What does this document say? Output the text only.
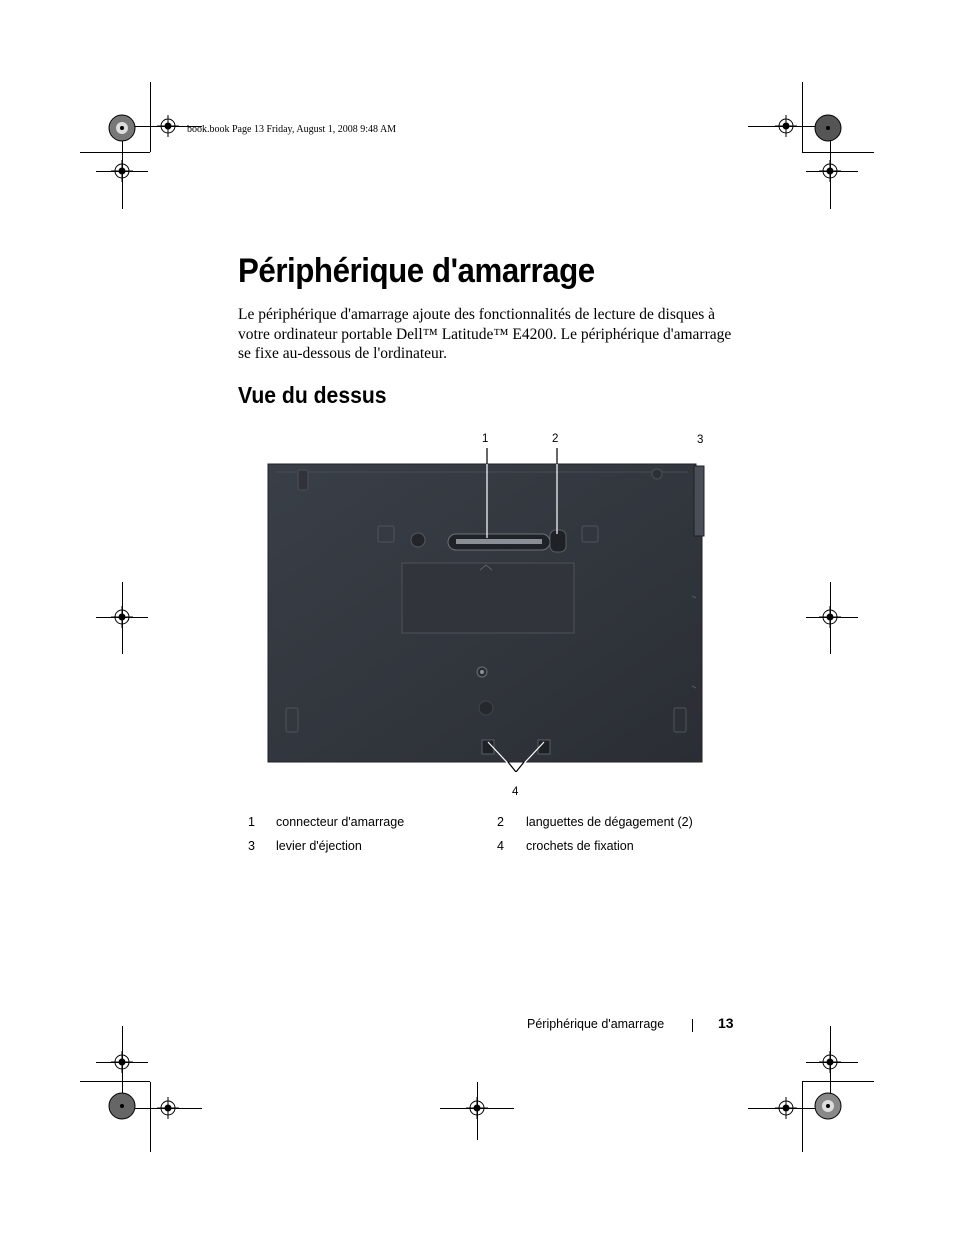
book.book Page 13 Friday, August 1, 2008 9:48 AM
Périphérique d'amarrage
Le périphérique d'amarrage ajoute des fonctionnalités de lecture de disques à votre ordinateur portable Dell™ Latitude™ E4200. Le périphérique d'amarrage se fixe au-dessous de l'ordinateur.
Vue du dessus
1	2	3
4
1 connecteur d'amarrage	2 languettes de dégagement (2)
3 levier d'éjection	4 crochets de fixation
Périphérique d'amarrage	13
